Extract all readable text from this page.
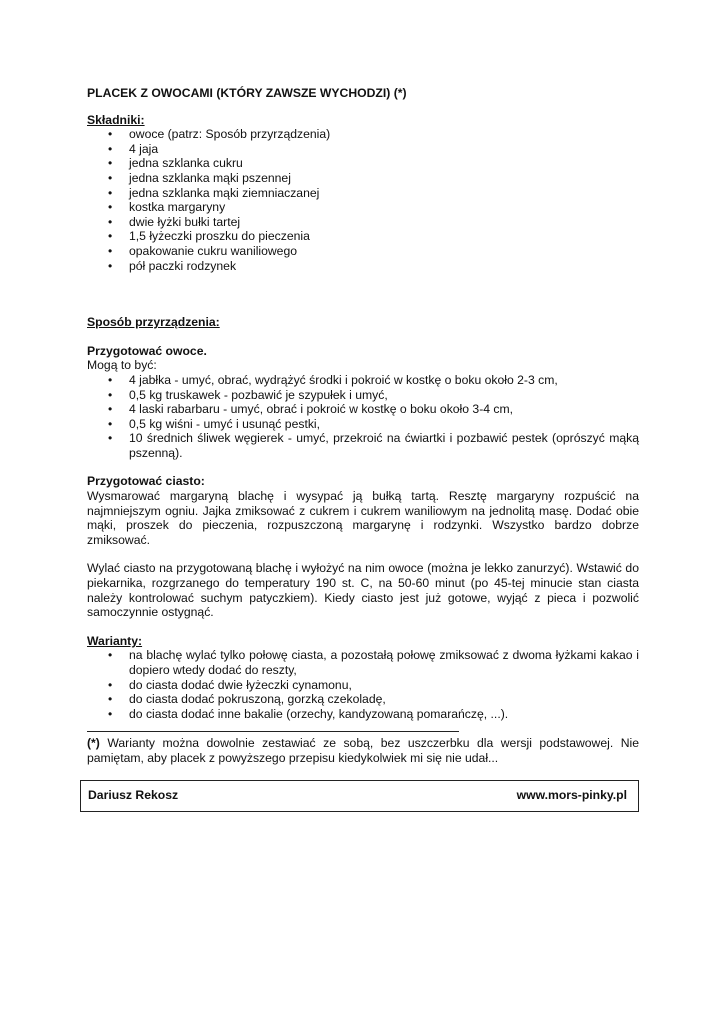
PLACEK Z OWOCAMI (KTÓRY ZAWSZE WYCHODZI) (*)

Składniki:

• owoce (patrz: Sposób przyrządzenia)
• 4 jaja
• jedna szklanka cukru
• jedna szklanka mąki pszennej
• jedna szklanka mąki ziemniaczanej
• kostka margaryny
• dwie łyżki bułki tartej
• 1,5 łyżeczki proszku do pieczenia
• opakowanie cukru waniliowego
• pół paczki rodzynek

Sposób przyrządzenia:

Przygotować owoce.

Mogą to być:

• 4 jabłka - umyć, obrać, wydrążyć środki i pokroić w kostkę o boku około 2-3 cm,
• 0,5 kg truskawek - pozbawić je szypułek i umyć,
• 4 laski rabarbaru - umyć, obrać i pokroić w kostkę o boku około 3-4 cm,
• 0,5 kg wiśni - umyć i usunąć pestki,
• 10 średnich śliwek węgierek - umyć, przekroić na ćwiartki i pozbawić pestek (oprószyć mąką pszenną).

Przygotować ciasto:

Wysmarować margaryną blachę i wysypać ją bułką tartą. Resztę margaryny rozpuścić na najmniejszym ogniu. Jajka zmiksować z cukrem i cukrem waniliowym na jednolitą masę. Dodać obie mąki, proszek do pieczenia, rozpuszczoną margarynę i rodzynki. Wszystko bardzo dobrze zmiksować.

Wylać ciasto na przygotowaną blachę i wyłożyć na nim owoce (można je lekko zanurzyć). Wstawić do piekarnika, rozgrzanego do temperatury 190 st. C, na 50-60 minut (po 45-tej minucie stan ciasta należy kontrolować suchym patyczkiem). Kiedy ciasto jest już gotowe, wyjąć z pieca i pozwolić samoczynnie ostygnąć.

Warianty:

• na blachę wylać tylko połowę ciasta, a pozostałą połowę zmiksować z dwoma łyżkami kakao i dopiero wtedy dodać do reszty,
• do ciasta dodać dwie łyżeczki cynamonu,
• do ciasta dodać pokruszoną, gorzką czekoladę,
• do ciasta dodać inne bakalie (orzechy, kandyzowaną pomarańczę, ...).

(*) Warianty można dowolnie zestawiać ze sobą, bez uszczerbku dla wersji podstawowej. Nie pamiętam, aby placek z powyższego przepisu kiedykolwiek mi się nie udał...

Dariusz Rekosz	www.mors-pinky.pl
